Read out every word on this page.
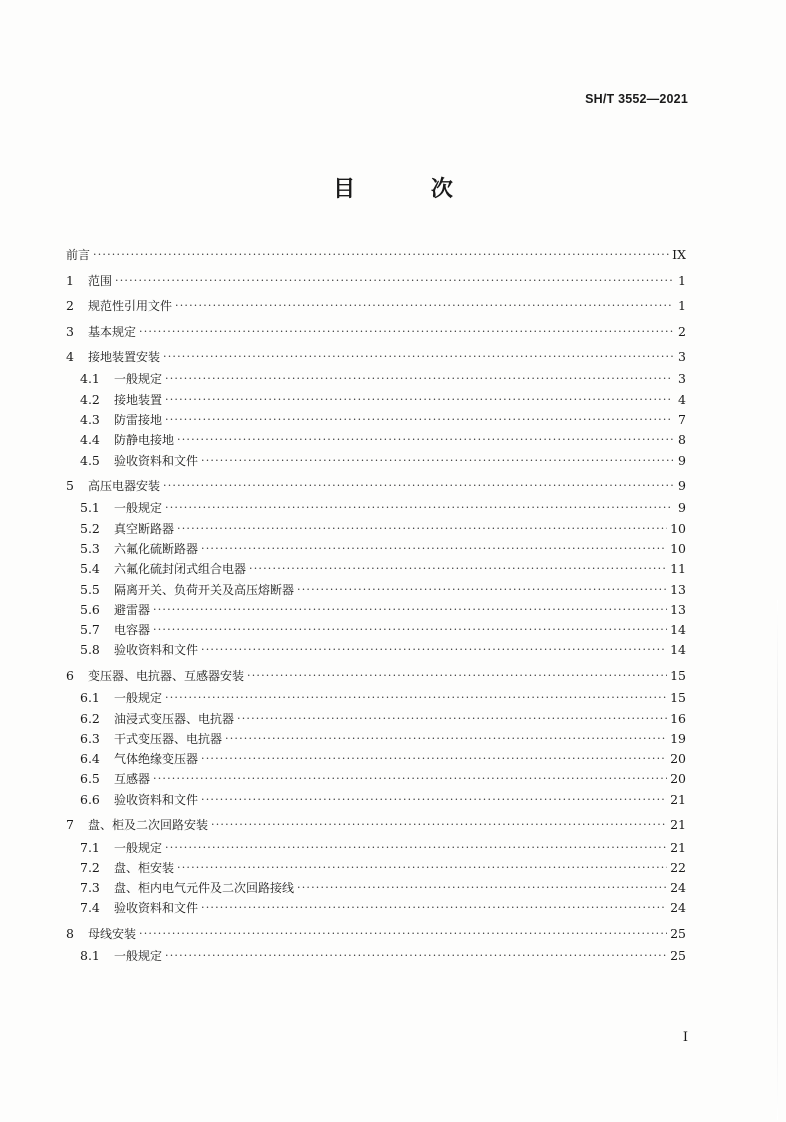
SH/T 3552—2021
目 次
前言 ·····	IX
1	范围 ·····	1
2	规范性引用文件 ·····	1
3	基本规定 ·····	2
4	接地装置安装 ·····	3
4.1	一般规定 ·····	3
4.2	接地装置 ·····	4
4.3	防雷接地 ·····	7
4.4	防静电接地 ·····	8
4.5	验收资料和文件 ·····	9
5	高压电器安装 ·····	9
5.1	一般规定 ·····	9
5.2	真空断路器 ·····	10
5.3	六氟化硫断路器 ·····	10
5.4	六氟化硫封闭式组合电器 ·····	11
5.5	隔离开关、负荷开关及高压熔断器 ·····	13
5.6	避雷器 ·····	13
5.7	电容器 ·····	14
5.8	验收资料和文件 ·····	14
6	变压器、电抗器、互感器安装 ·····	15
6.1	一般规定 ·····	15
6.2	油浸式变压器、电抗器 ·····	16
6.3	干式变压器、电抗器 ·····	19
6.4	气体绝缘变压器 ·····	20
6.5	互感器 ·····	20
6.6	验收资料和文件 ·····	21
7	盘、柜及二次回路安装 ·····	21
7.1	一般规定 ·····	21
7.2	盘、柜安装 ·····	22
7.3	盘、柜内电气元件及二次回路接线 ·····	24
7.4	验收资料和文件 ·····	24
8	母线安装 ·····	25
8.1	一般规定 ·····	25
I
